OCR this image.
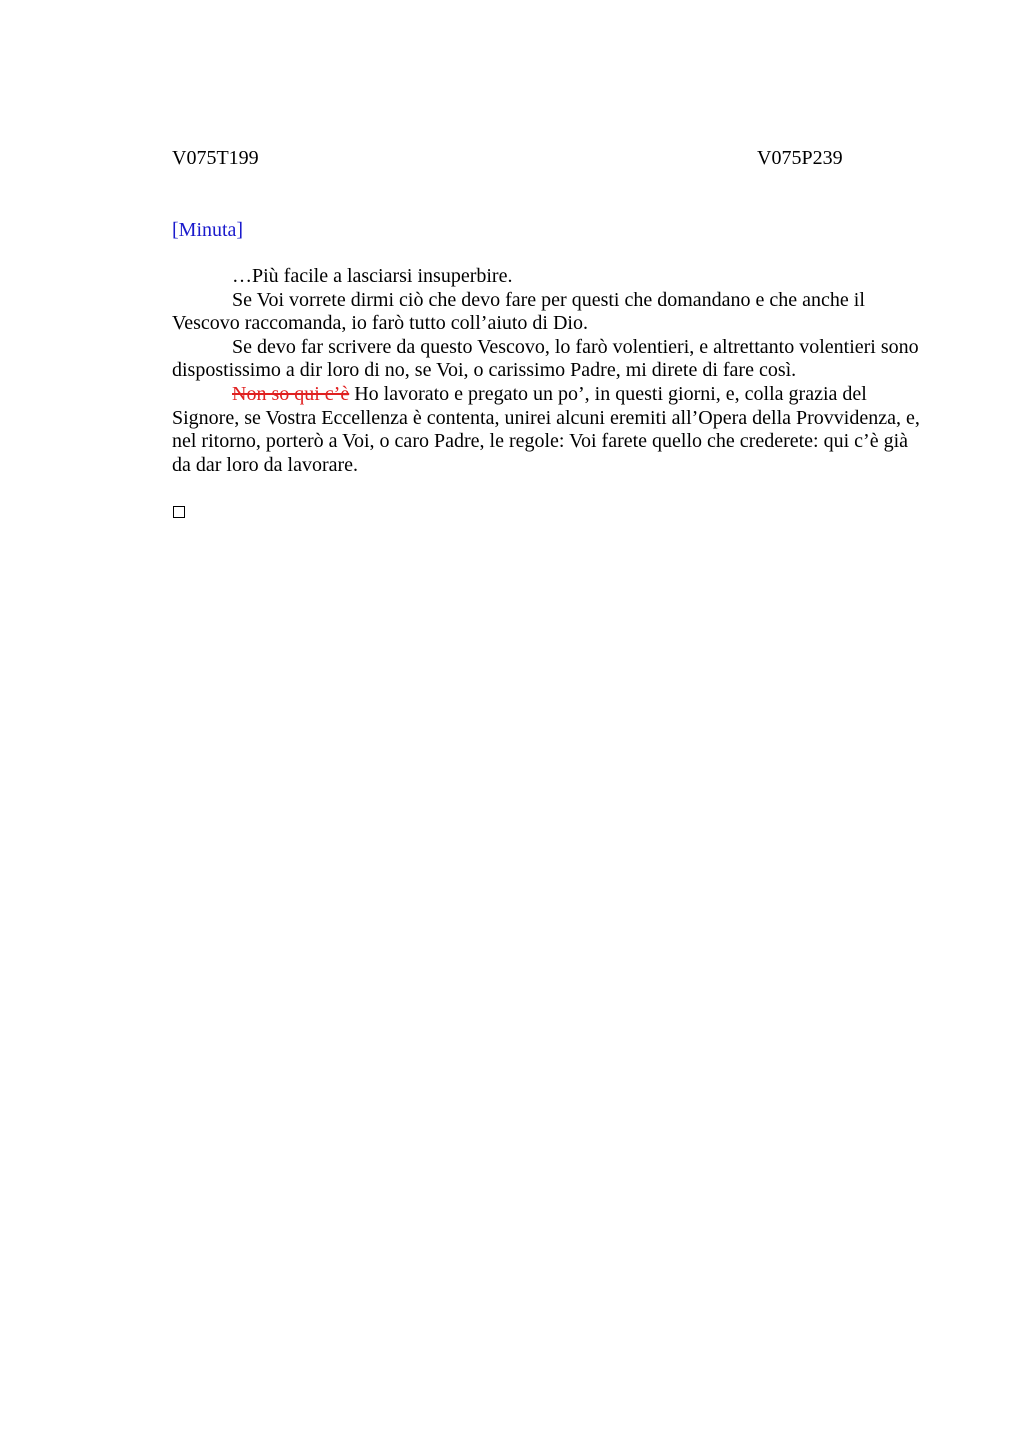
V075T199	V075P239
[Minuta]

…Più facile a lasciarsi insuperbire.

Se Voi vorrete dirmi ciò che devo fare per questi che domandano e che anche il Vescovo raccomanda, io farò tutto coll’aiuto di Dio.

Se devo far scrivere da questo Vescovo, lo farò volentieri, e altrettanto volentieri sono dispostissimo a dir loro di no, se Voi, o carissimo Padre, mi direte di fare così.

Non so qui c’è Ho lavorato e pregato un po’, in questi giorni, e, colla grazia del Signore, se Vostra Eccellenza è contenta, unirei alcuni eremiti all’Opera della Provvidenza, e, nel ritorno, porterò a Voi, o caro Padre, le regole: Voi farete quello che crederete: qui c’è già da dar loro da lavorare.
